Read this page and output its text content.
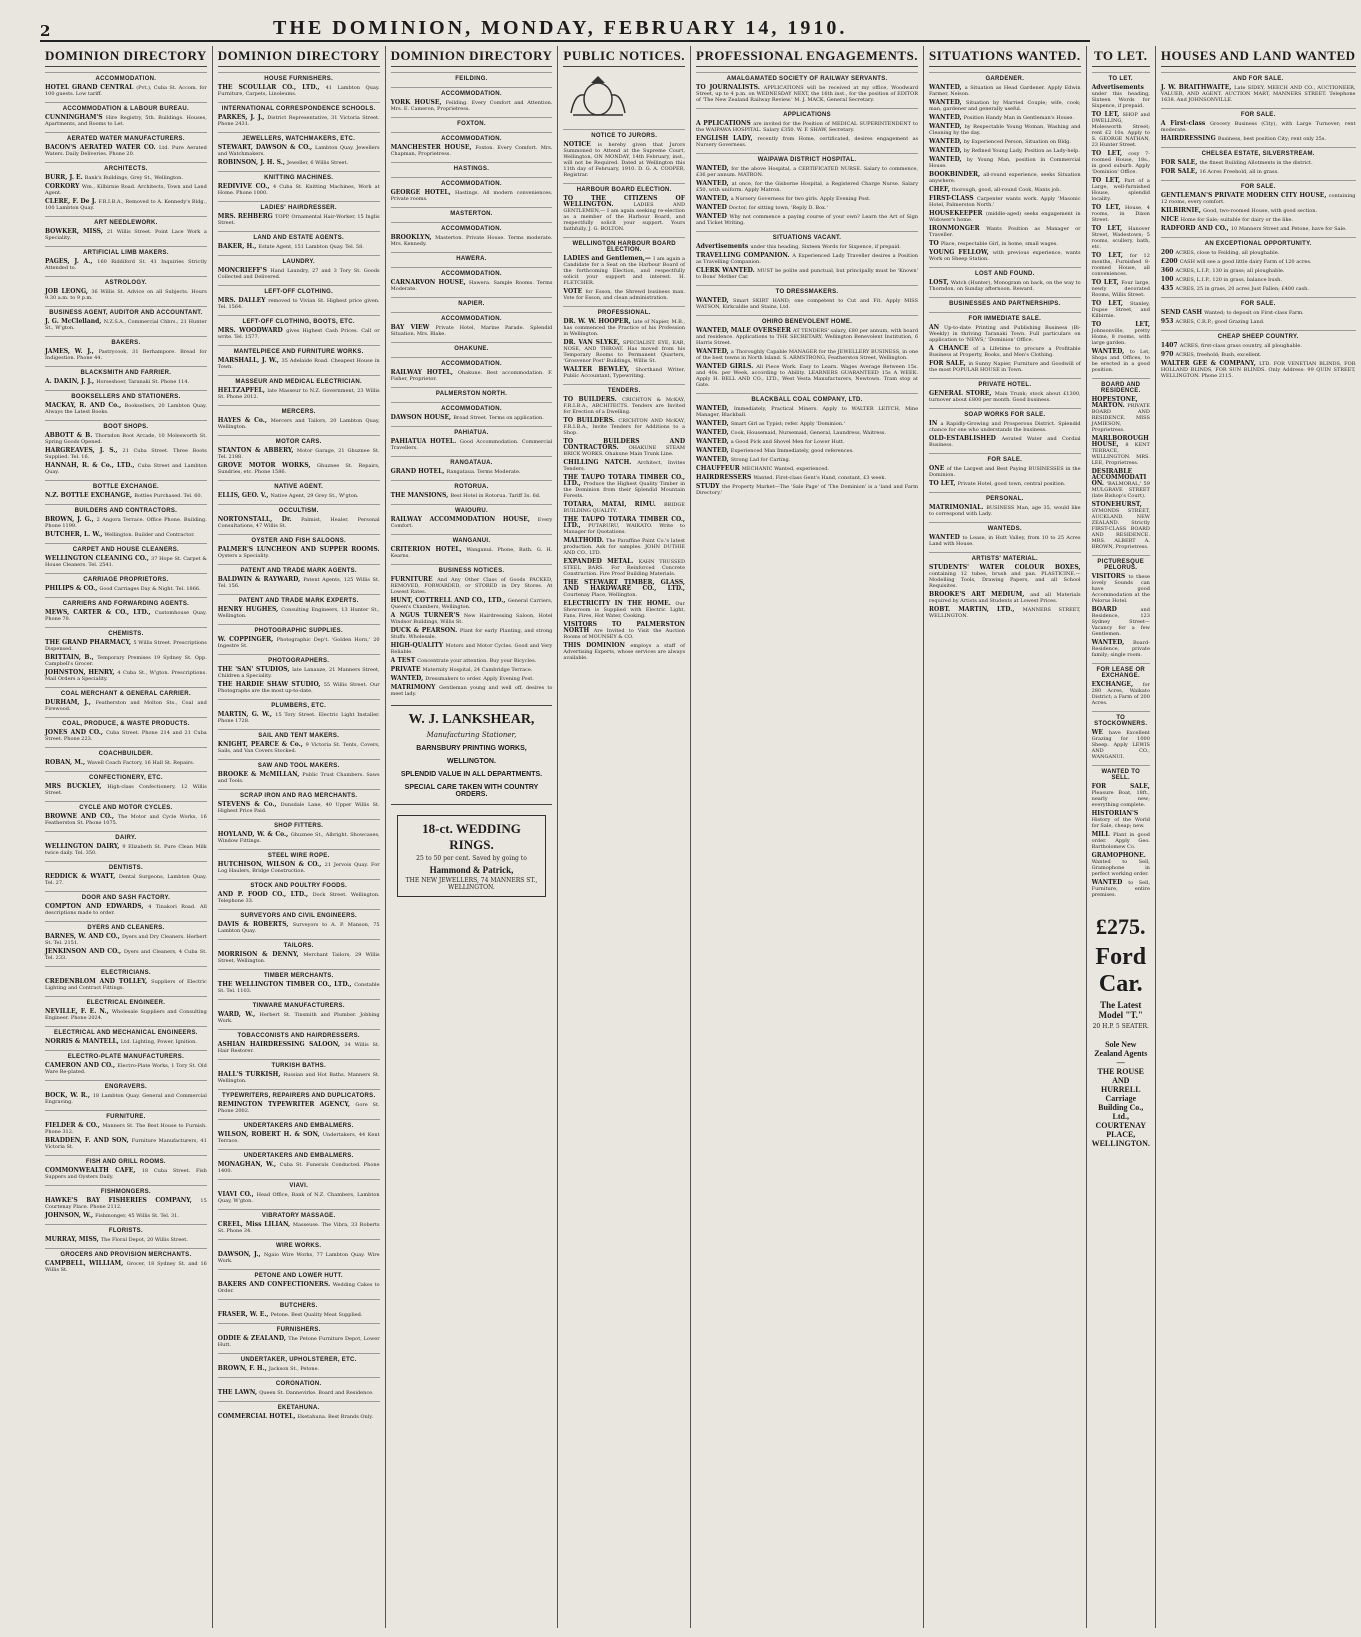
2	THE DOMINION, MONDAY, FEBRUARY 14, 1910.
DOMINION DIRECTORY
ACCOMMODATION.
HOTEL GRAND CENTRAL (Pvt.), Cuba St. Accom. for 100 guests. Low tariff.
ACCOMMODATION & LABOUR BUREAU.
CUNNINGHAM'S Hire Registry, 5th. Buildings. Houses, Apartments, and Rooms to Let.
AERATED WATER MANUFACTURERS.
BACON'S AERATED WATER CO. Ltd. Pure Aerated Waters. Daily Deliveries. Phone 20.
ARCHITECTS.
BURR, J. E. Bank's Buildings, Grey St., Wellington.
CORKORY Wm., Kilbirnie Road. Architects, Town and Land Agent.
CLERE, F. De J. F.R.I.B.A., Removed to A. Kennedy's Bldg., 100 Lambton Quay.
ART NEEDLEWORK.
BOWKER, MISS, 21 Willis Street. Point Lace Work a Speciality.
ARTIFICIAL LIMB MAKERS.
PAGES, J. A., 160 Riddiford St. 41 Inquiries Strictly Attended to.
ASTROLOGY.
JOB LEONG, 36 Willis St. Advice on all Subjects. Hours 9.30 a.m. to 9 p.m.
BUSINESS AGENT, AUDITOR AND ACCOUNTANT.
J. G. McClelland, N.Z.S.A., Commercial Chbrs., 21 Hunter St., W'gton.
BAKERS.
JAMES, W. J., Pastrycook, 31 Berhampore. Bread for Indigestion. Phone 44.
BLACKSMITH AND FARRIER.
A. DAKIN, J. J., Horseshoer, Taranaki St. Phone 114.
BOOKSELLERS AND STATIONERS.
MACKAY, R. AND Co., Booksellers, 20 Lambton Quay. Always the Latest Books.
BOOT SHOPS.
ABBOTT & B. Thorndon Boot Arcade, 10 Molesworth St. Spring Goods Opened.
HARGREAVES, J. S., 21 Cuba Street. Three Boots Supplied. Tel. 16.
HANNAH, R. & Co., LTD., Cuba Street and Lambton Quay.
BOTTLE EXCHANGE.
N.Z. BOTTLE EXCHANGE, Bottles Purchased. Tel. 60.
BUILDERS AND CONTRACTORS.
BROWN, J. G., 2 Angora Terrace. Office Phone. Building. Phone 1199.
BUTCHER, L. W., Wellington. Builder and Contractor.
CARPET AND HOUSE CLEANERS.
WELLINGTON CLEANING CO., 37 Hope St. Carpet & House Cleaners. Tel. 2541.
CARRIAGE PROPRIETORS.
PHILIPS & CO., Good Carriages Day & Night. Tel. 1866.
CARRIERS AND FORWARDING AGENTS.
MEWS, CARTER & CO., LTD., Customhouse Quay. Phone 70.
CHEMISTS.
THE GRAND PHARMACY, 5 Willis Street. Prescriptions Dispensed.
BRITTAIN, B., Temporary Premises 19 Sydney St. Opp. Campbell's Grocer.
JOHNSTON, HENRY, 4 Cuba St., W'gton. Prescriptions. Mail Orders a Speciality.
COAL MERCHANT & GENERAL CARRIER.
DURHAM, J., Featherston and Molton Sts., Coal and Firewood.
COAL, PRODUCE, & WASTE PRODUCTS.
JONES AND CO., Cuba Street. Phone 214 and 21 Cuba Street. Phone 223.
COACHBUILDER.
ROBAN, M., Wavell Coach Factory, 16 Hall St. Repairs.
CONFECTIONERY, ETC.
MRS BUCKLEY, High-class Confectionery, 12 Willis Street.
CYCLE AND MOTOR CYCLES.
BROWNE AND CO., The Motor and Cycle Works, 16 Featherston St. Phone 1075.
DAIRY.
WELLINGTON DAIRY, 9 Elizabeth St. Pure Clean Milk twice daily. Tel. 350.
DENTISTS.
REDDICK & WYATT, Dental Surgeons, Lambton Quay. Tel. 27.
DOOR AND SASH FACTORY.
COMPTON AND EDWARDS, 4 Tinakori Road. All descriptions made to order.
DYERS AND CLEANERS.
BARNES, W. AND CO., Dyers and Dry Cleaners. Herbert St. Tel. 2151.
JENKINSON AND CO., Dyers and Cleaners, 4 Cuba St. Tel. 233.
ELECTRICIANS.
CREDENBLOM AND TOLLEY, Suppliers of Electric Lighting and Contract Fittings.
ELECTRICAL ENGINEER.
NEVILLE, F. E. N., Wholesale Suppliers and Consulting Engineer. Phone 2024.
ELECTRICAL AND MECHANICAL ENGINEERS.
NORRIS & MANTELL, Ltd. Lighting, Power, Ignition.
ELECTRO-PLATE MANUFACTURERS.
CAMERON AND CO., Electro-Plate Works, 1 Tory St. Old Ware Re-plated.
ENGRAVERS.
BOCK, W. R., 18 Lambton Quay. General and Commercial Engraving.
FURNITURE.
FIELDER & CO., Manners St. The Best House to Furnish. Phone 312.
BRADDEN, F. AND SON, Furniture Manufacturers, 41 Victoria St.
FISH AND GRILL ROOMS.
COMMONWEALTH CAFE, 18 Cuba Street. Fish Suppers and Oysters Daily.
FISHMONGERS.
HAWKE'S BAY FISHERIES COMPANY, 15 Courtenay Place. Phone 2112.
JOHNSON, W., Fishmonger, 45 Willis St. Tel. 31.
FLORISTS.
MURRAY, MISS, The Floral Depot, 20 Willis Street.
GROCERS AND PROVISION MERCHANTS.
CAMPBELL, WILLIAM, Grocer, 18 Sydney St. and 16 Willis St.
DOMINION DIRECTORY
HOUSE FURNISHERS.
THE SCOULLAR CO., LTD., 41 Lambton Quay. Furniture, Carpets, Linoleums.
INTERNATIONAL CORRESPONDENCE SCHOOLS.
PARKES, J. J., District Representative, 31 Victoria Street. Phone 2431.
JEWELLERS, WATCHMAKERS, ETC.
STEWART, DAWSON & CO., Lambton Quay. Jewellers and Watchmakers.
ROBINSON, J. H. S., Jeweller, 6 Willis Street.
KNITTING MACHINES.
REDIVIVE CO., 4 Cuba St. Knitting Machines, Work at Home. Phone 1000.
LADIES' HAIRDRESSER.
MRS. REHBERG TOPP, Ornamental Hair-Worker, 15 Inglis Street.
LAND AND ESTATE AGENTS.
BAKER, H., Estate Agent, 151 Lambton Quay. Tel. 58.
LAUNDRY.
MONCRIEFF'S Hand Laundry, 27 and 3 Tory St. Goods Collected and Delivered.
LEFT-OFF CLOTHING.
MRS. DALLEY removed to Vivian St. Highest price given. Tel. 1564.
LEFT-OFF CLOTHING, BOOTS, ETC.
MRS. WOODWARD gives Highest Cash Prices. Call or write. Tel. 1577.
MANTELPIECE AND FURNITURE WORKS.
MARSHALL, J. W., 35 Adelaide Road. Cheapest House in Town.
MASSEUR AND MEDICAL ELECTRICIAN.
HELTZAPFEL, late Masseur to N.Z. Government, 23 Willis St. Phone 2012.
MERCERS.
HAYES & Co., Mercers and Tailors, 20 Lambton Quay, Wellington.
MOTOR CARS.
STANTON & ABBERY, Motor Garage, 21 Ghuznee St. Tel. 2188.
GROVE MOTOR WORKS, Ghuznee St. Repairs, Sundries, etc. Phone 1586.
NATIVE AGENT.
ELLIS, GEO. V., Native Agent, 29 Grey St., W'gton.
OCCULTISM.
NORTONSTALL, Dr. Palmist, Healer, Personal Consultations, 47 Willis St.
OYSTER AND FISH SALOONS.
PALMER'S LUNCHEON AND SUPPER ROOMS. Oysters a Speciality.
PATENT AND TRADE MARK AGENTS.
BALDWIN & RAYWARD, Patent Agents, 125 Willis St. Tel. 156.
PATENT AND TRADE MARK EXPERTS.
HENRY HUGHES, Consulting Engineers, 13 Hunter St., Wellington.
PHOTOGRAPHIC SUPPLIES.
W. COPPINGER, Photographic Dep't. 'Golden Horn,' 20 Ingestre St.
PHOTOGRAPHERS.
THE 'SAN' STUDIOS, late Lanauze, 21 Manners Street, Children a Speciality.
THE HARDIE SHAW STUDIO, 55 Willis Street. Our Photographs are the most up-to-date.
PLUMBERS, ETC.
MARTIN, G. W., 15 Tory Street. Electric Light Installer. Phone 1728.
SAIL AND TENT MAKERS.
KNIGHT, PEARCE & Co., 9 Victoria St. Tents, Covers, Sails, and Van Covers Stocked.
SAW AND TOOL MAKERS.
BROOKE & McMILLAN, Public Trust Chambers. Saws and Tools.
SCRAP IRON AND RAG MERCHANTS.
STEVENS & Co., Dunsdale Lane, 40 Upper Willis St. Highest Price Paid.
SHOP FITTERS.
HOYLAND, W. & Co., Ghuznee St., Albright. Showcases, Window Fittings.
STEEL WIRE ROPE.
HUTCHISON, WILSON & CO., 21 Jervois Quay. For Log Haulers, Bridge Construction.
STOCK AND POULTRY FOODS.
AND P. FOOD CO., LTD., Dock Street. Wellington. Telephone 33.
SURVEYORS AND CIVIL ENGINEERS.
DAVIS & ROBERTS, Surveyors to A. P. Manson, 75 Lambton Quay.
TAILORS.
MORRISON & DENNY, Merchant Tailors, 29 Willis Street, Wellington.
TIMBER MERCHANTS.
THE WELLINGTON TIMBER CO., LTD., Constable St. Tel. 1103.
TINWARE MANUFACTURERS.
WARD, W., Herbert St. Tinsmith and Plumber. Jobbing Work.
TOBACCONISTS AND HAIRDRESSERS.
ASHIAN HAIRDRESSING SALOON, 34 Willis St. Hair Restorer.
TURKISH BATHS.
HALL'S TURKISH, Russian and Hot Baths. Manners St. Wellington.
TYPEWRITERS, REPAIRERS AND DUPLICATORS.
REMINGTON TYPEWRITER AGENCY, Gore St. Phone 2002.
UNDERTAKERS AND EMBALMERS.
WILSON, ROBERT H. & SON, Undertakers, 44 Kent Terrace.
UNDERTAKERS AND EMBALMERS.
MONAGHAN, W., Cuba St. Funerals Conducted. Phone 1400.
VIAVI.
VIAVI CO., Head Office, Bank of N.Z. Chambers, Lambton Quay, W'gton.
VIBRATORY MASSAGE.
CREEL, Miss LILIAN, Masseuse. The Vibra, 33 Roberts St. Phone 34.
WIRE WORKS.
DAWSON, J., Ngaio Wire Works, 77 Lambton Quay. Wire Work.
PETONE AND LOWER HUTT.
BAKERS AND CONFECTIONERS. Wedding Cakes to Order.
BUTCHERS.
FRASER, W. E., Petone. Best Quality Meat Supplied.
FURNISHERS.
ODDIE & ZEALAND, The Petone Furniture Depot, Lower Hutt.
UNDERTAKER, UPHOLSTERER, ETC.
BROWN, F. H., Jackson St., Petone.
CORONATION.
THE LAWN, Queen St. Dannevirke. Board and Residence.
EKETAHUNA.
COMMERCIAL HOTEL, Eketahuna. Best Brands Only.
DOMINION DIRECTORY
FEILDING.
ACCOMMODATION.
YORK HOUSE, Feilding. Every Comfort and Attention. Mrs. E. Cameron, Proprietress.
FOXTON.
ACCOMMODATION.
MANCHESTER HOUSE, Foxton. Every Comfort. Mrs. Chapman, Proprietress.
HASTINGS.
ACCOMMODATION.
GEORGE HOTEL, Hastings. All modern conveniences. Private rooms.
MASTERTON.
ACCOMMODATION.
BROOKLYN, Masterton. Private House. Terms moderate. Mrs. Kennedy.
HAWERA.
ACCOMMODATION.
CARNARVON HOUSE, Hawera. Sample Rooms. Terms Moderate.
NAPIER.
ACCOMMODATION.
BAY VIEW Private Hotel, Marine Parade. Splendid Situation. Mrs. Blake.
OHAKUNE.
ACCOMMODATION.
RAILWAY HOTEL, Ohakune. Best accommodation. F. Fisher, Proprietor.
PALMERSTON NORTH.
ACCOMMODATION.
DAWSON HOUSE, Broad Street. Terms on application.
PAHIATUA.
PAHIATUA HOTEL. Good Accommodation. Commercial Travellers.
RANGATAUA.
GRAND HOTEL, Rangataua. Terms Moderate.
ROTORUA.
THE MANSIONS, Best Hotel in Rotorua. Tariff 3s. 6d.
WAIOURU.
RAILWAY ACCOMMODATION HOUSE, Every Comfort.
WANGANUI.
CRITERION HOTEL, Wanganui. Phone, Bath. G. H. Kearns.
BUSINESS NOTICES.
FURNITURE And Any Other Class of Goods PACKED, REMOVED, FORWARDED, or STORED in Dry Stores. At Lowest Rates.
HUNT, COTTRELL AND CO., LTD., General Carriers, Queen's Chambers, Wellington.
A NGUS TURNER'S New Hairdressing Saloon, Hotel Windsor Buildings, Willis St.
DUCK & PEARSON. Plant for early Planting, and strong Stuffs. Wholesale.
HIGH-QUALITY Motors and Motor Cycles. Good and Very Reliable.
A TEST Concentrate your attention. Buy your Bicycles.
PRIVATE Maternity Hospital, 24 Cambridge Terrace.
WANTED, Dressmakers to order. Apply Evening Post.
MATRIMONY Gentleman young and well off, desires to meet lady.
W. J. LANKSHEAR,
Manufacturing Stationer,
BARNSBURY PRINTING WORKS,
WELLINGTON.
SPLENDID VALUE IN ALL DEPARTMENTS.
SPECIAL CARE TAKEN WITH COUNTRY ORDERS.
18-ct. WEDDING RINGS.
25 to 50 per cent. Saved by going to
Hammond & Patrick,
THE NEW JEWELLERS, 74 MANNERS ST., WELLINGTON.
PUBLIC NOTICES.
NOTICE TO JURORS.
NOTICE is hereby given that Jurors Summoned to Attend at the Supreme Court, Wellington, ON MONDAY, 14th February, inst., will not be Required. Dated at Wellington this 11th day of February, 1910. D. G. A. COOPER, Registrar.
HARBOUR BOARD ELECTION.
TO THE CITIZENS OF WELLINGTON. LADIES AND GENTLEMEN,— I am again seeking re-election as a member of the Harbour Board, and respectfully solicit your support. Yours faithfully, J. G. BOLTON.
WELLINGTON HARBOUR BOARD ELECTION.
LADIES and Gentlemen,— I am again a Candidate for a Seat on the Harbour Board of the forthcoming Election, and respectfully solicit your support and interest. H. FLETCHER.
VOTE for Esson, the Shrewd business man. Vote for Esson, and clean administration.
PROFESSIONAL.
DR. W. W. HOOPER, late of Napier, M.B., has commenced the Practice of his Profession in Wellington.
DR. VAN SLYKE, SPECIALIST. EYE, EAR, NOSE, AND THROAT. Has moved from his Temporary Rooms to Permanent Quarters, 'Grosvenor Post' Buildings, Willis St.
WALTER BEWLEY, Shorthand Writer, Public Accountant, Typewriting.
TENDERS.
TO BUILDERS. CRICHTON & McKAY, F.R.I.B.A., ARCHITECTS. Tenders are Invited for Erection of a Dwelling.
TO BUILDERS. CRICHTON AND McKAY, F.R.I.B.A., Invite Tenders for Additions to a Shop.
TO BUILDERS AND CONTRACTORS. OHAKUNE STEAM BRICK WORKS. Ohakune Main Trunk Line.
CHILLING NATCH. Architect, Invites Tenders.
THE TAUPO TOTARA TIMBER CO., LTD., Produce the Highest Quality Timber in the Dominion from their Splendid Mountain Forests.
TOTARA, MATAI, RIMU. BRIDGE BUILDING QUALITY.
THE TAUPO TOTARA TIMBER CO., LTD., PUTARURU, WAIKATO. Write to Manager for Quotations.
MALTHOID. The Paraffine Paint Co.'s latest production. Ask for samples. JOHN DUTHIE AND CO., LTD.
EXPANDED METAL. KAHN TRUSSED STEEL BARS. For Reinforced Concrete Construction. Fire Proof Building Materials.
THE STEWART TIMBER, GLASS, AND HARDWARE CO., LTD., Courtenay Place, Wellington.
ELECTRICITY IN THE HOME. Our Showroom is Supplied with Electric Light, Fans, Fires, Hot Water, Cooking.
VISITORS TO PALMERSTON NORTH Are Invited to Visit the Auction Rooms of MOUNSEY & CO.
THIS DOMINION employs a staff of Advertising Experts, whose services are always available.
PROFESSIONAL ENGAGEMENTS.
AMALGAMATED SOCIETY OF RAILWAY SERVANTS.
TO JOURNALISTS. APPLICATIONS will be received at my office, Woodward Street, up to 4 p.m. on WEDNESDAY NEXT, the 16th inst., for the position of EDITOR of 'The New Zealand Railway Review.' M. J. MACK, General Secretary.
APPLICATIONS
A PPLICATIONS are invited for the Position of MEDICAL SUPERINTENDENT to the WAIPAWA HOSPITAL. Salary £350. W. F. SHAW, Secretary.
ENGLISH LADY, recently from Home, certificated, desires engagement as Nursery Governess.
WAIPAWA DISTRICT HOSPITAL.
WANTED, for the above Hospital, a CERTIFICATED NURSE. Salary to commence, £36 per annum. MATRON.
WANTED, at once, for the Gisborne Hospital, a Registered Charge Nurse. Salary £50, with uniform. Apply Matron.
WANTED, a Nursery Governess for two girls. Apply Evening Post.
WANTED Doctor, for sitting town, 'Reply D. Box.'
WANTED Why not commence a paying course of your own? Learn the Art of Sign and Ticket Writing.
SITUATIONS VACANT.
Advertisements under this heading, Sixteen Words for Sixpence, if prepaid.
TRAVELLING COMPANION. A Experienced Lady Traveller desires a Position as Travelling Companion.
CLERK WANTED. MUST be polite and punctual, but principally must be 'Known' to Bons' Mother Car.
TO DRESSMAKERS.
WANTED, Smart SKIRT HAND; one competent to Cut and Fit. Apply MISS WATSON, Kirkcaldie and Stains, Ltd.
OHIRO BENEVOLENT HOME.
WANTED, MALE OVERSEER AT TENDERS' salary, £80 per annum, with board and residence. Applications to THE SECRETARY, Wellington Benevolent Institution, 6 Harris Street.
WANTED, a Thoroughly Capable MANAGER for the JEWELLERY BUSINESS, in one of the best towns in North Island. S. ARMSTRONG, Featherston Street, Wellington.
WANTED GIRLS. All Piece Work. Easy to Learn. Wages Average Between 15s. and 40s. per Week, according to Ability. LEARNERS GUARANTEED 15s A WEEK. Apply H. BELL AND CO., LTD., West Vesta Manufacturers, Newtown. Tram stop at Gate.
BLACKBALL COAL COMPANY, LTD.
WANTED, Immediately, Practical Miners. Apply to WALTER LEITCH, Mine Manager, Blackball.
WANTED, Smart Girl as Typist; refer. Apply 'Dominion.'
WANTED, Cook, Housemaid, Nursemaid, General, Laundress, Waitress.
WANTED, a Good Pick and Shovel Men for Lower Hutt.
WANTED, Experienced Man Immediately, good references.
WANTED, Strong Lad for Carting.
CHAUFFEUR MECHANIC Wanted, experienced.
HAIRDRESSERS Wanted. First-class Gent's Hand, constant, £3 week.
STUDY the Property Market—The 'Sale Page' of 'The Dominion' is a 'land and Farm Directory.'
SITUATIONS WANTED.
GARDENER.
WANTED, a Situation as Head Gardener. Apply Edwin Farmer, Nelson.
WANTED, Situation by Married Couple; wife, cook; man, gardener and generally useful.
WANTED, Position Handy Man in Gentleman's House.
WANTED, by Respectable Young Woman, Washing and Cleaning by the day.
WANTED, by Experienced Person, Situation on Bldg.
WANTED, by Refined Young Lady, Position as Lady-help.
WANTED, by Young Man, position in Commercial House.
BOOKBINDER, all-round experience, seeks Situation anywhere.
CHEF, thorough, good, all-round Cook, Wants job.
FIRST-CLASS Carpenter wants work. Apply 'Masonic Hotel, Palmerston North.'
HOUSEKEEPER (middle-aged) seeks engagement in Widower's home.
IRONMONGER Wants Position as Manager or Traveller.
TO Place, respectable Girl, in home, small wages.
YOUNG FELLOW, with previous experience, wants Work on Sheep Station.
LOST AND FOUND.
LOST, Watch (Hunter), Monogram on back, on the way to Thorndon, on Sunday afternoon. Reward.
BUSINESSES AND PARTNERSHIPS.
FOR IMMEDIATE SALE.
AN Up-to-date Printing and Publishing Business (Bi-Weekly) in thriving Taranaki Town. Full particulars on application to 'NEWS,' 'Dominion' Office.
A CHANCE of a Lifetime to procure a Profitable Business at Property, Books, and Men's Clothing.
FOR SALE, in Sunny Napier, Furniture and Goodwill of the most POPULAR HOUSE in Town.
PRIVATE HOTEL.
GENERAL STORE, Main Trunk; stock about £1300, turnover about £800 per month. Good business.
SOAP WORKS FOR SALE.
IN a Rapidly-Growing and Prosperous District. Splendid chance for one who understands the business.
OLD-ESTABLISHED Aerated Water and Cordial Business.
FOR SALE.
ONE of the Largest and Best Paying BUSINESSES in the Dominion.
TO LET, Private Hotel, good town, central position.
PERSONAL.
MATRIMONIAL. BUSINESS Man, age 35, would like to correspond with Lady.
WANTEDS.
WANTED to Lease, in Hutt Valley, from 10 to 25 Acres Land with House.
ARTISTS' MATERIAL.
STUDENTS' WATER COLOUR BOXES, containing 12 tubes, brush and pan. PLASTICINE.—Modelling Tools, Drawing Papers, and all School Requisites.
BROOKE'S ART MEDIUM, and all Materials required by Artists and Students at Lowest Prices.
ROBT. MARTIN, LTD., MANNERS STREET, WELLINGTON.
TO LET.
TO LET.
Advertisements under this heading, Sixteen Words for Sixpence, if prepaid.
TO LET, SHOP and DWELLING, Molesworth Street; rent £2 10s. Apply to S. GEORGE NATHAN, 23 Hunter Street.
TO LET, cosy 7-roomed House, 18s., in good suburb. Apply 'Dominion' Office.
TO LET, Part of a Large, well-furnished House, splendid locality.
TO LET, House, 4 rooms, in Dixon Street.
TO LET, Hanover Street, Wadestown; 5 rooms, scullery, bath, etc.
TO LET, for 12 months, Furnished 8-roomed House, all conveniences.
TO LET, Four large, newly decorated Rooms, Willis Street.
TO LET, Stanley, Dupse Street, and Kilbirnie.
TO LET, Johnsonville, pretty Home, 8 rooms, with large garden.
WANTED, to Let, Shops and Offices, to be erected in a good position.
BOARD AND RESIDENCE.
HOPESTONE, MARTON. PRIVATE BOARD AND RESIDENCE. MISS JAMIESON, Proprietress.
MARLBOROUGH HOUSE, 8 KENT TERRACE, WELLINGTON. MRS. LEE, Proprietress.
DESIRABLE ACCOMMODATION. 'BALMORAL,' 59 MULGRAVE STREET (late Bishop's Court).
STONEHURST, SYMONDS STREET, AUCKLAND. NEW ZEALAND. Strictly FIRST-CLASS BOARD AND RESIDENCE. MRS. ALBERT A. BROWN, Proprietress.
PICTURESQUE PELORUS.
VISITORS to these lovely Sounds can have good Accommodation at the Pelorus Hotel.
BOARD and Residence, 123 Sydney Street—Vacancy for a few Gentlemen.
WANTED, Board-Residence, private family; single room.
FOR LEASE OR EXCHANGE.
EXCHANGE, for 280 Acres, Waikato District; a Farm of 200 Acres.
TO STOCKOWNERS.
WE have Excellent Grazing for 1000 Sheep. Apply LEWIS AND CO., WANGANUI.
WANTED TO SELL.
FOR SALE, Pleasure Boat, 18ft., nearly new; everything complete.
HISTORIAN'S History of the World for Sale, cheap; new.
MILL Plant in good order. Apply Geo. Bartholomew Co.
GRAMOPHONE. Wanted to Sell, Gramophone in perfect working order.
WANTED to Sell, Furniture, entire premises.
£275.
Ford Car.
The Latest Model "T."
20 H.P. 5 SEATER.
Sole New Zealand Agents—
THE ROUSE AND HURRELL
Carriage Building Co., Ltd.,
COURTENAY PLACE, WELLINGTON.
HOUSES AND LAND WANTED
AND FOR SALE.
J. W. BRAITHWAITE, Late SIDEY, MEECH AND CO., AUCTIONEER, VALUER, AND AGENT. AUCTION MART, MANNERS STREET. Telephone 1638. And JOHNSONVILLE.
FOR SALE.
A First-class Grocery Business (City), with Large Turnover; rent moderate.
HAIRDRESSING Business, best position City; rent only 25s.
CHELSEA ESTATE, SILVERSTREAM.
FOR SALE, the finest Building Allotments in the district.
FOR SALE, 16 Acres Freehold, all in grass.
FOR SALE.
GENTLEMAN'S PRIVATE MODERN CITY HOUSE, containing 12 rooms, every comfort.
KILBIRNIE, Good, two-roomed House, with good section.
NICE Home for Sale; suitable for dairy or the like.
RADFORD AND CO., 10 Manners Street and Petone, have for Sale.
AN EXCEPTIONAL OPPORTUNITY.
200 ACRES, close to Feilding, all ploughable.
£200 CASH will see a good little dairy Farm of 120 acres.
360 ACRES, L.I.P., 130 in grass; all ploughable.
100 ACRES, L.I.P., 120 in grass, balance bush.
435 ACRES, 25 in grass, 20 acres Just Fallen; £400 cash.
FOR SALE.
SEND CASH Wanted; to deposit on First-class Farm.
953 ACRES, C.R.P.; good Grazing Land.
CHEAP SHEEP COUNTRY.
1407 ACRES, first-class grass country, all ploughable.
970 ACRES, freehold; Bush, excellent.
WALTER GEE & COMPANY, LTD. FOR VENETIAN BLINDS, FOR HOLLAND BLINDS, FOR SUN BLINDS. Only Address: 99 QUIN STREET, WELLINGTON. Phone 2115.
